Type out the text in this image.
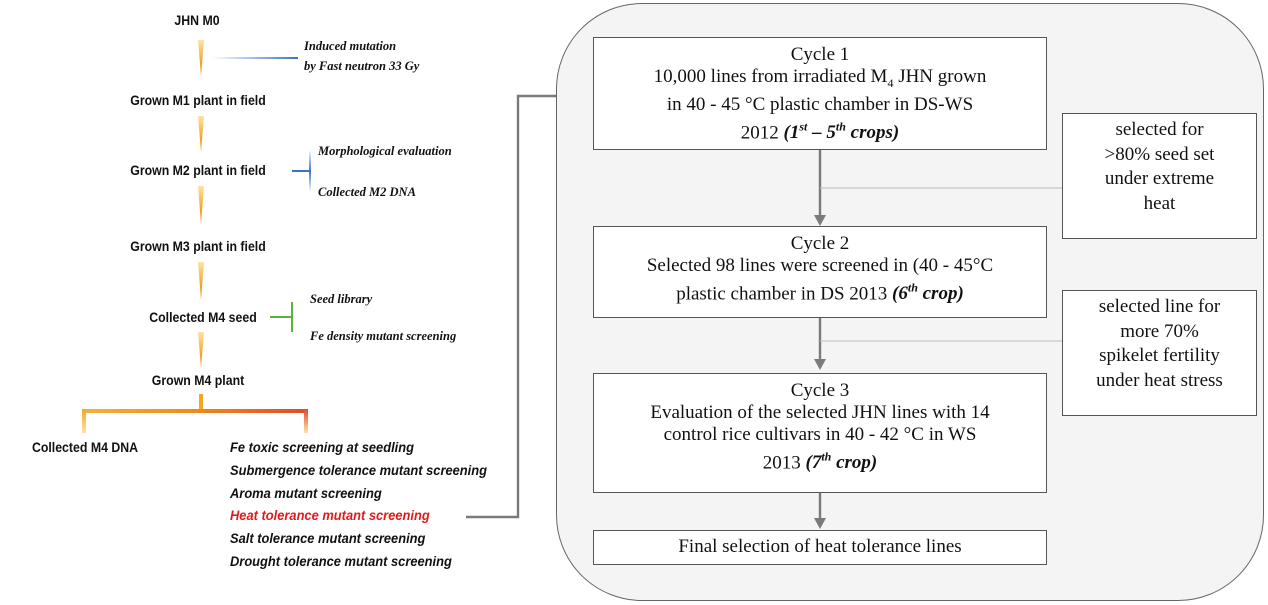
JHN M0
Induced mutation
by Fast neutron 33 Gy
Grown M1 plant in field
Grown M2 plant in field
Morphological evaluation
Collected M2 DNA
Grown M3 plant in field
Collected M4 seed
Seed library
Fe density mutant screening
Grown M4 plant
Collected M4 DNA	Fe toxic screening at seedling
Submergence tolerance mutant screening
Aroma mutant screening
Heat tolerance mutant screening
Salt tolerance mutant screening
Drought tolerance mutant screening
Cycle 1
10,000 lines from irradiated $M_4$ JHN grown
in 40 - 45 °C plastic chamber in DS-WS
2012 (1st – 5th crops)
Cycle 2
Selected 98 lines were screened in (40 - 45°C
plastic chamber in DS 2013 (6th crop)
Cycle 3
Evaluation of the selected JHN lines with 14
control rice cultivars in 40 - 42 °C in WS
2013 (7th crop)
Final selection of heat tolerance lines
selected for
>80% seed set
under extreme
heat
selected line for
more 70%
spikelet fertility
under heat stress
